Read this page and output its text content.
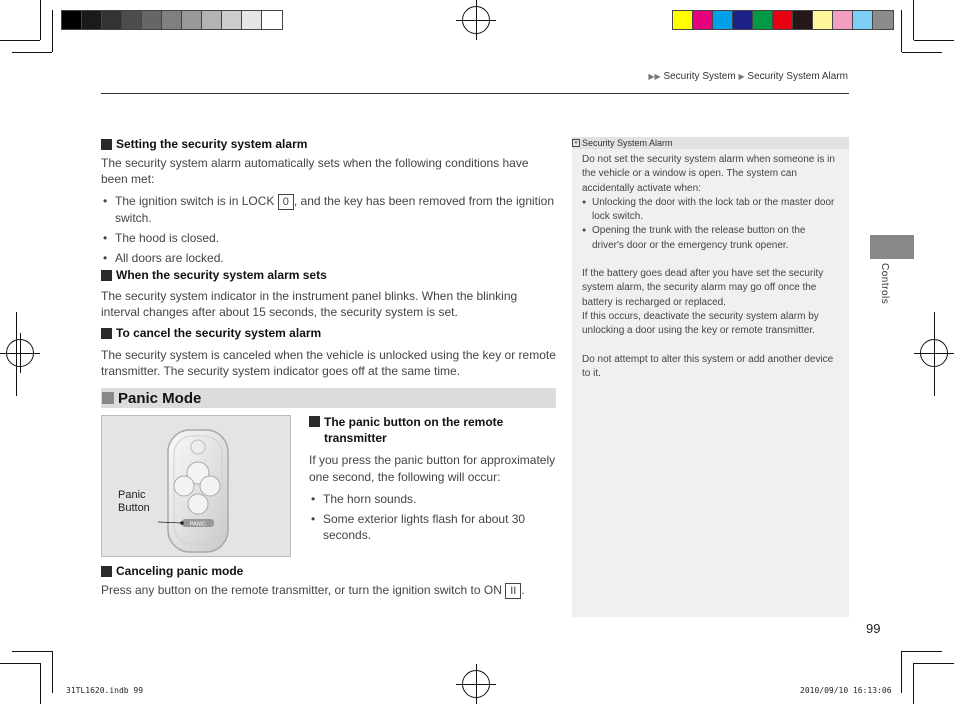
▶▶ Security System ▶ Security System Alarm
Setting the security system alarm
The security system alarm automatically sets when the following conditions have been met:
• The ignition switch is in LOCK 0 , and the key has been removed from the ignition switch.
• The hood is closed.
• All doors are locked.
When the security system alarm sets
The security system indicator in the instrument panel blinks. When the blinking interval changes after about 15 seconds, the security system is set.
To cancel the security system alarm
The security system is canceled when the vehicle is unlocked using the key or remote transmitter. The security system indicator goes off at the same time.
Panic Mode
PANIC
Panic
Button
The panic button on the remote transmitter
If you press the panic button for approximately one second, the following will occur:
• The horn sounds.
• Some exterior lights flash for about 30 seconds.
Canceling panic mode
Press any button on the remote transmitter, or turn the ignition switch to ON II .
» Security System Alarm
Do not set the security system alarm when someone is in the vehicle or a window is open. The system can accidentally activate when:
● Unlocking the door with the lock tab or the master door lock switch.
● Opening the trunk with the release button on the driver's door or the emergency trunk opener.
If the battery goes dead after you have set the security system alarm, the security alarm may go off once the battery is recharged or replaced.
If this occurs, deactivate the security system alarm by unlocking a door using the key or remote transmitter.
Do not attempt to alter this system or add another device to it.
Controls
99
31TL1620.indb 99	2010/09/10 16:13:06
